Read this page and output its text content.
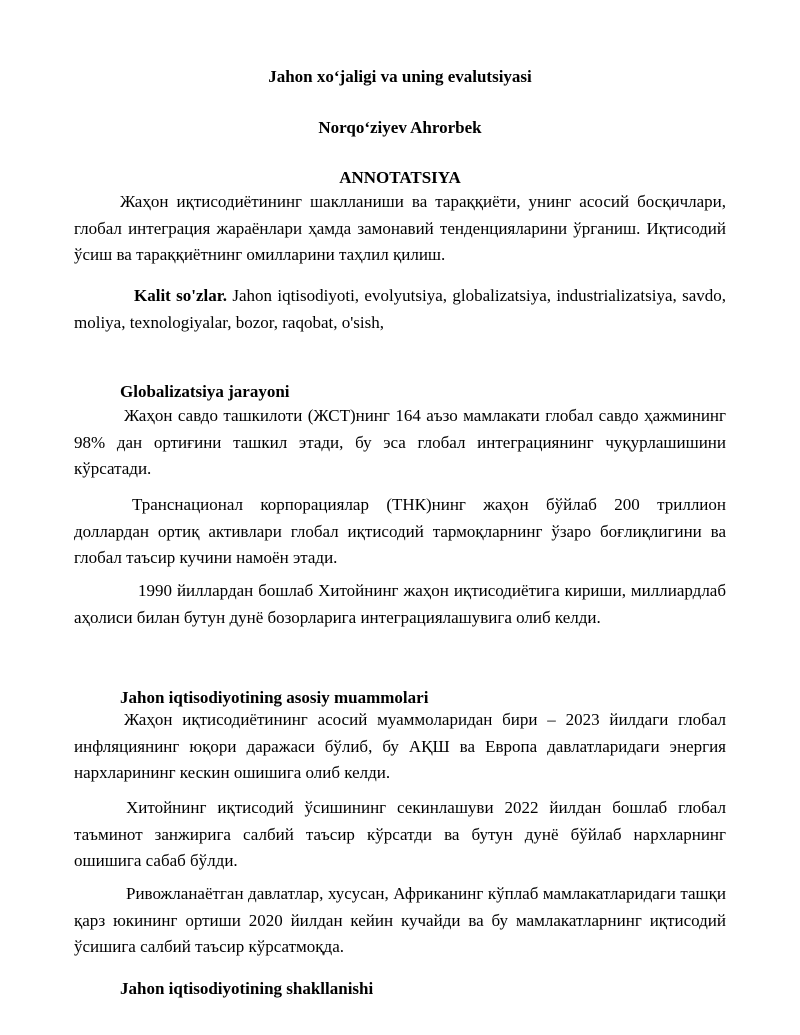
Jahon xo‘jaligi va uning evalutsiyasi
Norqo‘ziyev Ahrorbek
ANNOTATSIYA
Жаҳон иқтисодиётининг шаклланиши ва тараққиёти, унинг асосий босқичлари, глобал интеграция жараёнлари ҳамда замонавий тенденцияларини ўрганиш. Иқтисодий ўсиш ва тараққиётнинг омилларини таҳлил қилиш.
Kalit so'zlar. Jahon iqtisodiyoti, evolyutsiya, globalizatsiya, industrializatsiya, savdo, moliya, texnologiyalar, bozor, raqobat, o'sish,
Globalizatsiya jarayoni
Жаҳон савдо ташкилоти (ЖСТ)нинг 164 аъзо мамлакати глобал савдо ҳажмининг 98% дан ортиғини ташкил этади, бу эса глобал интеграциянинг чуқурлашишини кўрсатади.
Транснационал корпорациялар (ТНК)нинг жаҳон бўйлаб 200 триллион доллардан ортиқ активлари глобал иқтисодий тармоқларнинг ўзаро боғлиқлигини ва глобал таъсир кучини намоён этади.
1990 йиллардан бошлаб Хитойнинг жаҳон иқтисодиётига кириши, миллиардлаб аҳолиси билан бутун дунё бозорларига интеграциялашувига олиб келди.
Jahon iqtisodiyotining asosiy muammolari
Жаҳон иқтисодиётининг асосий муаммоларидан бири – 2023 йилдаги глобал инфляциянинг юқори даражаси бўлиб, бу АҚШ ва Европа давлатларидаги энергия нархларининг кескин ошишига олиб келди.
Хитойнинг иқтисодий ўсишининг секинлашуви 2022 йилдан бошлаб глобал таъминот занжирига салбий таъсир кўрсатди ва бутун дунё бўйлаб нархларнинг ошишига сабаб бўлди.
Ривожланаётган давлатлар, хусусан, Африканинг кўплаб мамлакатларидаги ташқи қарз юкининг ортиши 2020 йилдан кейин кучайди ва бу мамлакатларнинг иқтисодий ўсишига салбий таъсир кўрсатмоқда.
Jahon iqtisodiyotining shakllanishi
